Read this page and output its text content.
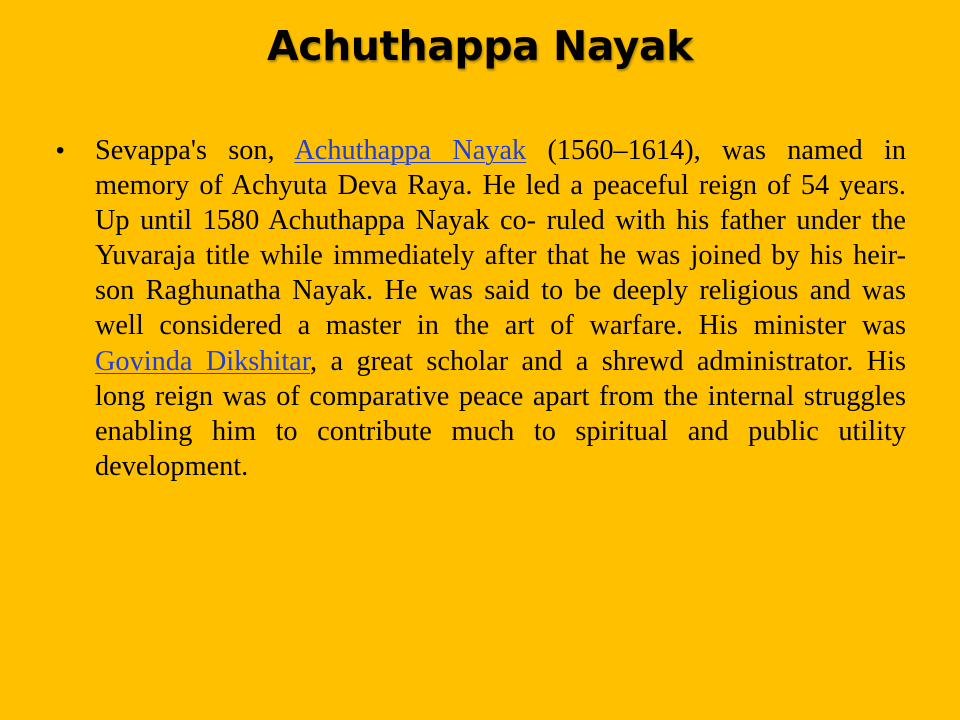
Achuthappa Nayak
• Sevappa's son, Achuthappa Nayak (1560–1614), was named in memory of Achyuta Deva Raya. He led a peaceful reign of 54 years. Up until 1580 Achuthappa Nayak co- ruled with his father under the Yuvaraja title while immediately after that he was joined by his heir-son Raghunatha Nayak. He was said to be deeply religious and was well considered a master in the art of warfare. His minister was Govinda Dikshitar, a great scholar and a shrewd administrator. His long reign was of comparative peace apart from the internal struggles enabling him to contribute much to spiritual and public utility development.
